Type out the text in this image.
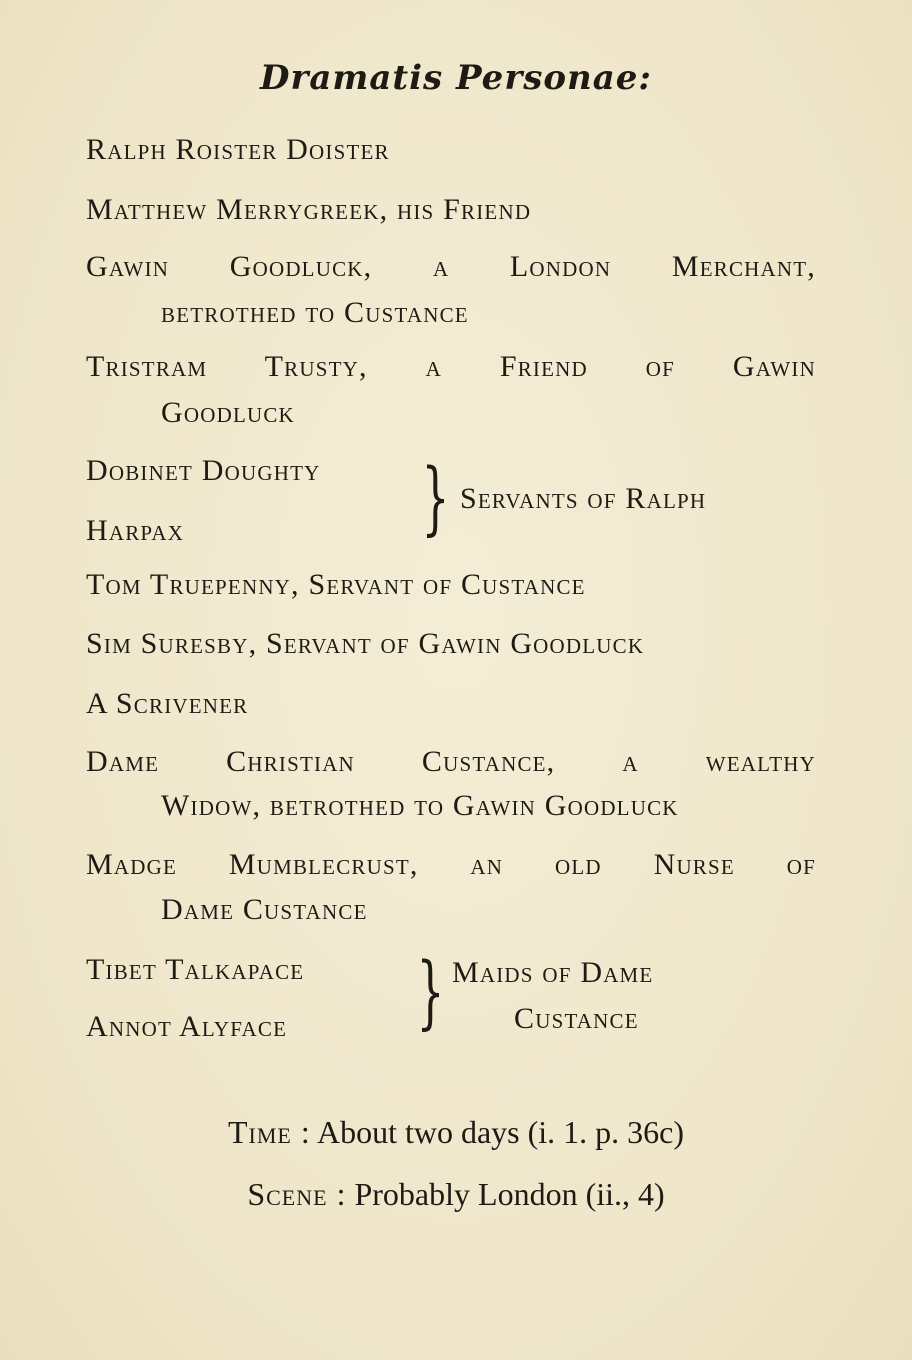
Dramatis Personae:
Ralph Roister Doister
Matthew Merrygreek, his Friend
Gawin Goodluck, a London Merchant,
betrothed to Custance
Tristram Trusty, a Friend of Gawin
Goodluck
Dobinet Doughty
Harpax	} Servants of Ralph
Tom Truepenny, Servant of Custance
Sim Suresby, Servant of Gawin Goodluck
A Scrivener
Dame Christian Custance, a wealthy
Widow, betrothed to Gawin Goodluck
Madge Mumblecrust, an old Nurse of
Dame Custance
Tibet Talkapace
Annot Alyface	} Maids of Dame
Custance
Time : About two days (i. 1. p. 36c)
Scene : Probably London (ii., 4)
